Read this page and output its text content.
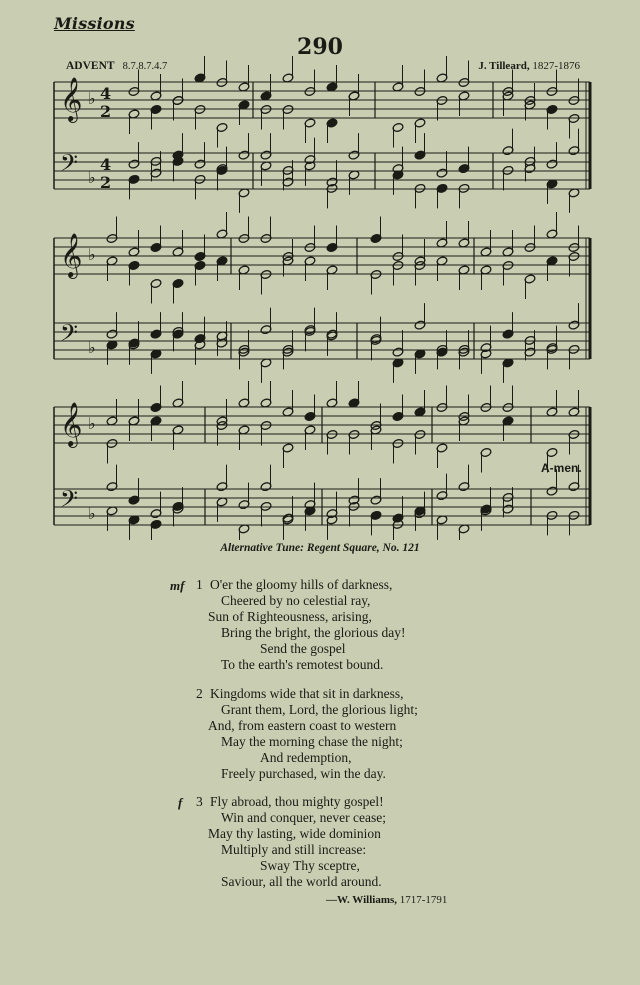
Missions
290
ADVENT 8.7.8.7.4.7	J. Tilleard, 1827-1876
𝄞 ♭ 4
2
𝄢 ♭
4
2
𝄞 ♭
𝄢 ♭
𝄞 ♭
𝄢 ♭
A-men.
Alternative Tune: Regent Square, No. 121
mf 1 O'er the gloomy hills of darkness,
Cheered by no celestial ray,
Sun of Righteousness, arising,
Bring the bright, the glorious day!
Send the gospel
To the earth's remotest bound.
2 Kingdoms wide that sit in darkness,
Grant them, Lord, the glorious light;
And, from eastern coast to western
May the morning chase the night;
And redemption,
Freely purchased, win the day.
f 3 Fly abroad, thou mighty gospel!
Win and conquer, never cease;
May thy lasting, wide dominion
Multiply and still increase:
Sway Thy sceptre,
Saviour, all the world around.
—W. Williams, 1717-1791
